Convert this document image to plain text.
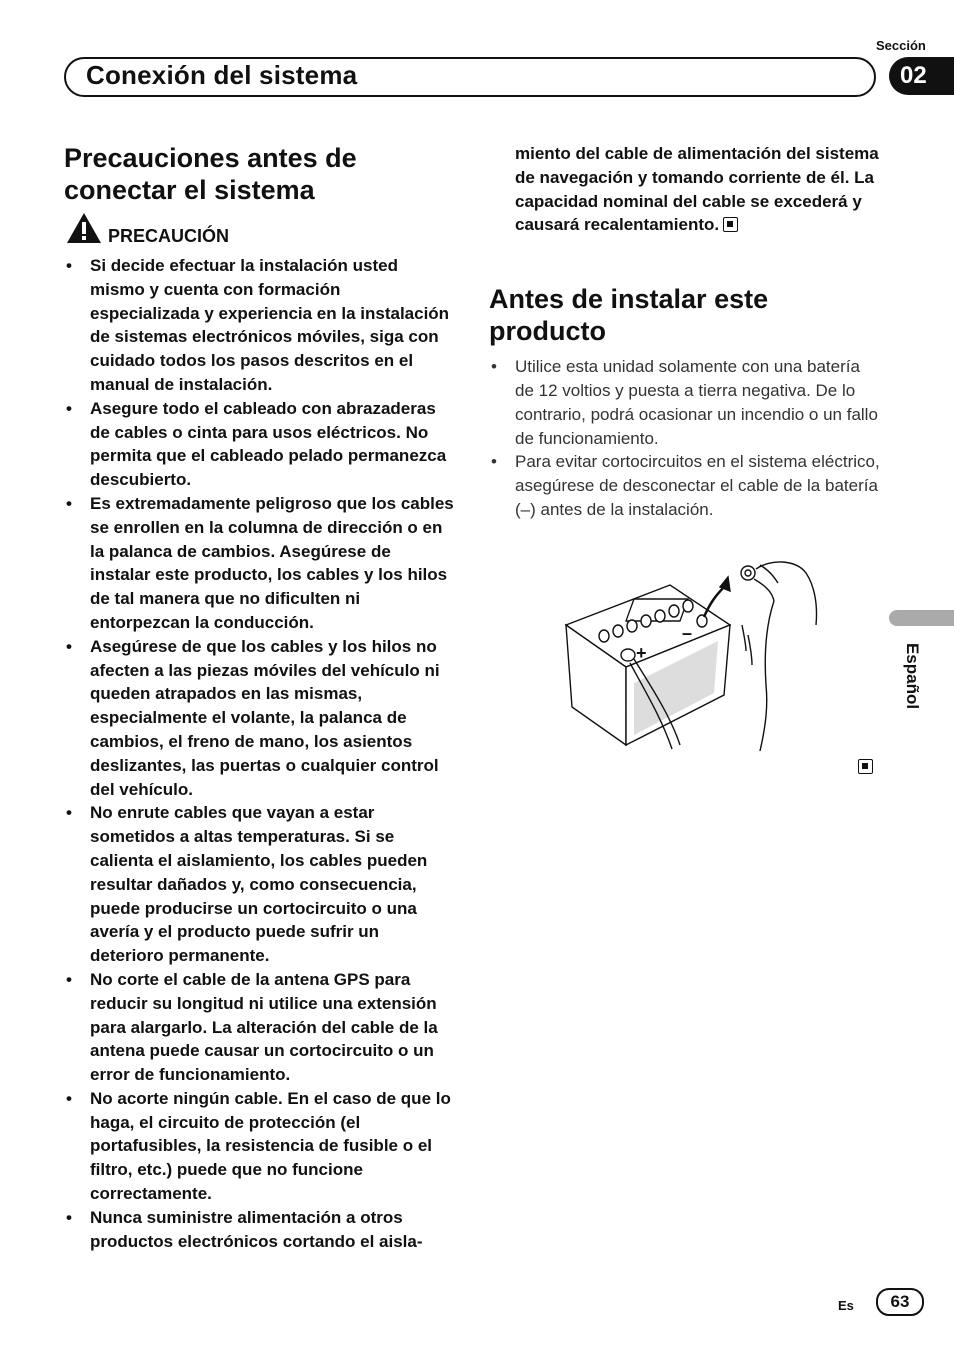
Sección
Conexión del sistema	02
Precauciones antes de conectar el sistema
PRECAUCIÓN
• Si decide efectuar la instalación usted mismo y cuenta con formación especializada y experiencia en la instalación de sistemas electrónicos móviles, siga con cuidado todos los pasos descritos en el manual de instalación.
• Asegure todo el cableado con abrazaderas de cables o cinta para usos eléctricos. No permita que el cableado pelado permanezca descubierto.
• Es extremadamente peligroso que los cables se enrollen en la columna de dirección o en la palanca de cambios. Asegúrese de instalar este producto, los cables y los hilos de tal manera que no dificulten ni entorpezcan la conducción.
• Asegúrese de que los cables y los hilos no afecten a las piezas móviles del vehículo ni queden atrapados en las mismas, especialmente el volante, la palanca de cambios, el freno de mano, los asientos deslizantes, las puertas o cualquier control del vehículo.
• No enrute cables que vayan a estar sometidos a altas temperaturas. Si se calienta el aislamiento, los cables pueden resultar dañados y, como consecuencia, puede producirse un cortocircuito o una avería y el producto puede sufrir un deterioro permanente.
• No corte el cable de la antena GPS para reducir su longitud ni utilice una extensión para alargarlo. La alteración del cable de la antena puede causar un cortocircuito o un error de funcionamiento.
• No acorte ningún cable. En el caso de que lo haga, el circuito de protección (el portafusibles, la resistencia de fusible o el filtro, etc.) puede que no funcione correctamente.
• Nunca suministre alimentación a otros productos electrónicos cortando el aisla-

miento del cable de alimentación del sistema de navegación y tomando corriente de él. La capacidad nominal del cable se excederá y causará recalentamiento.

Antes de instalar este producto
• Utilice esta unidad solamente con una batería de 12 voltios y puesta a tierra negativa. De lo contrario, podrá ocasionar un incendio o un fallo de funcionamiento.
• Para evitar cortocircuitos en el sistema eléctrico, asegúrese de desconectar el cable de la batería (–) antes de la instalación.
+
–
Español
Es	63
